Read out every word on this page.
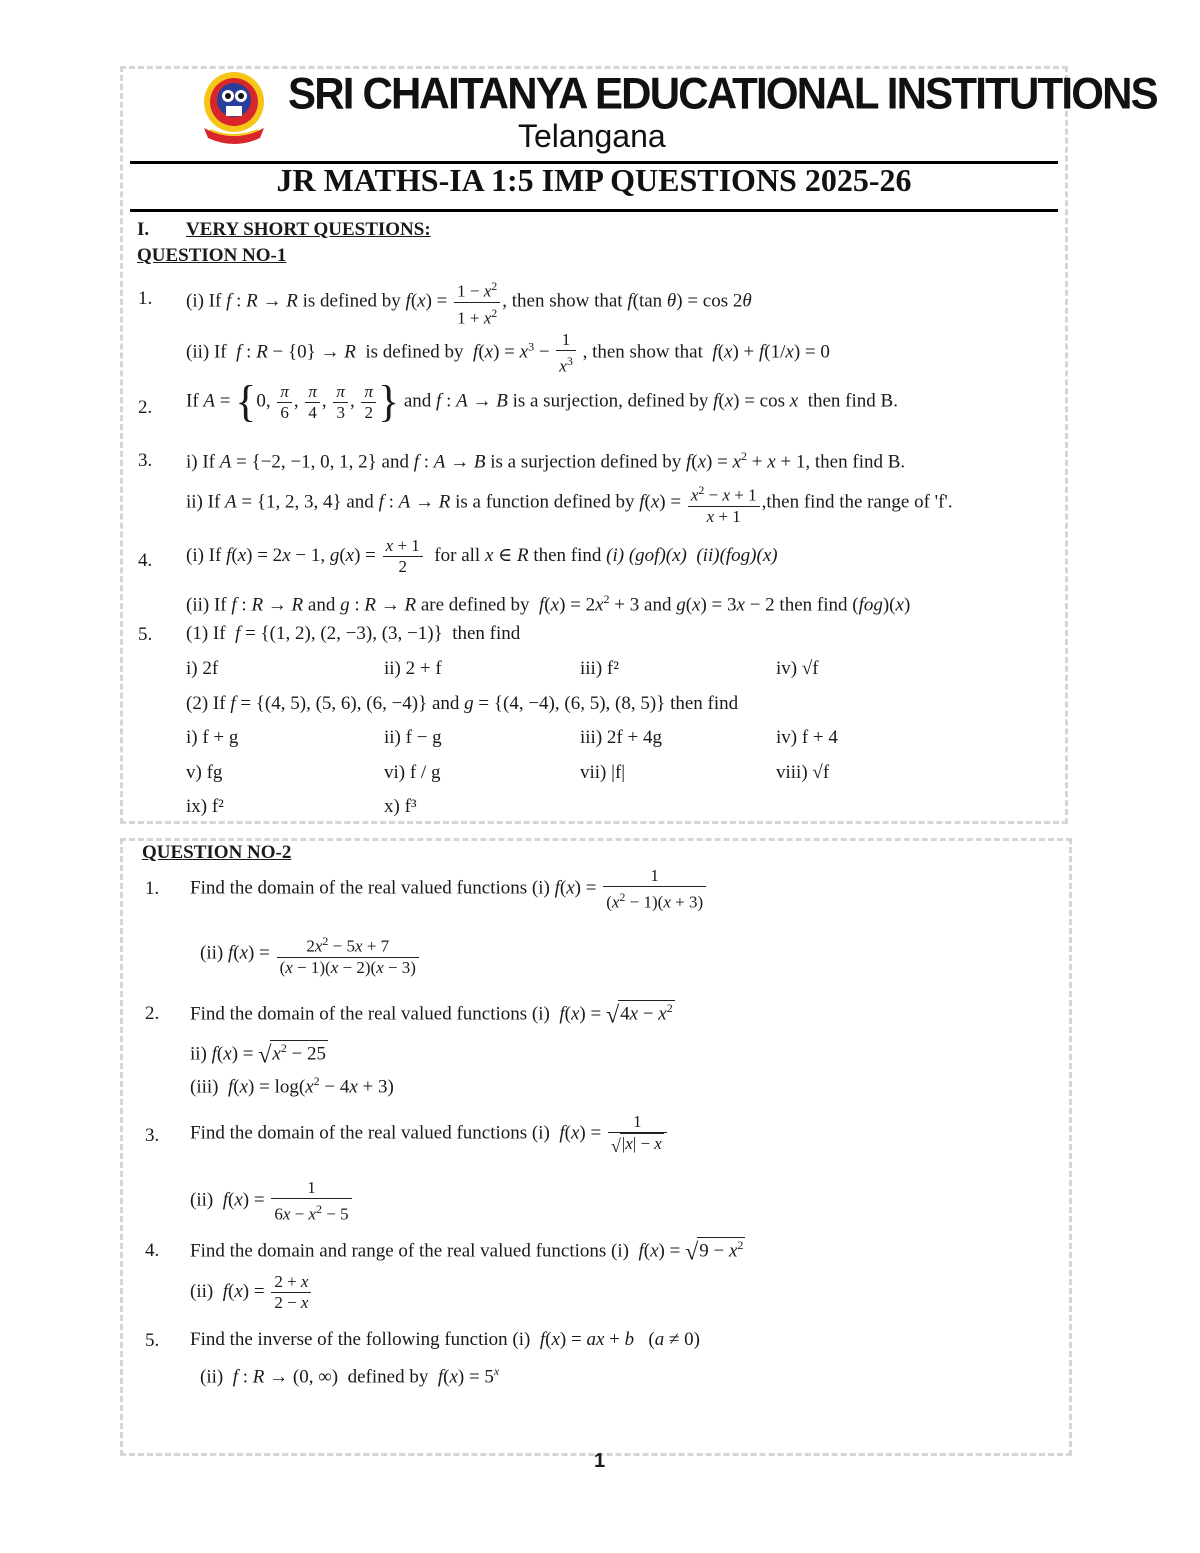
SRI CHAITANYA EDUCATIONAL INSTITUTIONS
Telangana
JR MATHS-IA 1:5 IMP QUESTIONS 2025-26
I. VERY SHORT QUESTIONS:
QUESTION NO-1
1. (i) If f : R → R is defined by $f(x) = \frac{1 - x^2}{1 + x^2}$ , then show that f(tan θ) = cos 2θ
(ii) If f : R − {0} → R is defined by $f(x) = x^3 - \frac{1}{x^3}$ , then show that f(x) + f(1/x) = 0
2. If A = {0, $\frac{\pi}{6}$ , $\frac{\pi}{4}$ , $\frac{\pi}{3}$ , $\frac{\pi}{2}$ } and f : A → B is a surjection, defined by f(x) = cos x then find B.
3. i) If A = {−2, −1, 0, 1, 2} and f : A → B is a surjection defined by $f(x) = x^2 + x + 1$, then find B.
ii) If A = {1, 2, 3, 4} and f : A → R is a function defined by $f(x) = \frac{x^2 - x + 1}{x + 1}$ ,then find the range of 'f'.
4. (i) If f(x) = 2x − 1, $g(x) = \frac{x + 1}{2}$ for all x ∈ R then find (i) (gof)(x)  (ii)(fog)(x)
(ii) If f : R → R and g : R → R are defined by $f(x) = 2x^2 + 3$ and g(x) = 3x − 2 then find (fog)(x)
5. (1) If f = {(1, 2), (2, −3), (3, −1)}  then find
i) 2f	ii) 2 + f	iii) f²	iv) √f
(2) If f = {(4, 5), (5, 6), (6, −4)} and g = {(4, −4), (6, 5), (8, 5)} then find
i) f + g	ii) f − g	iii) 2f + 4g	iv) f + 4
v) fg	vi) f / g	vii) |f|	viii) √f
ix) f²	x) f³
QUESTION NO-2
1. Find the domain of the real valued functions (i) $f(x) = \frac{1}{(x^2 - 1)(x + 3)}$
(ii) $f(x) = \frac{2x^2 - 5x + 7}{(x - 1)(x - 2)(x - 3)}$
2. Find the domain of the real valued functions (i) $f(x) = √4x - x^2$
ii) $f(x) = √x^2 - 25$
(iii) $f(x) = \log(x^2 - 4x + 3)$
3. Find the domain of the real valued functions (i) $f(x) = \frac{1}{√|x| - x}$
(ii) $f(x) = \frac{1}{6x - x^2 - 5}$
4. Find the domain and range of the real valued functions (i) $f(x) = √9 - x^2$
(ii) $f(x) = \frac{2 + x}{2 - x}$
5. Find the inverse of the following function (i) f(x) = ax + b   (a ≠ 0)
(ii) f : R → (0, ∞)  defined by $f(x) = 5^x$
1
